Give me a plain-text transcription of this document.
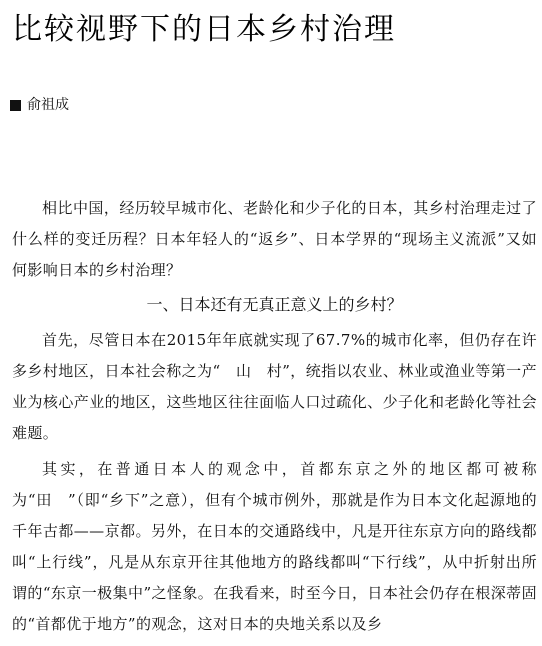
比较视野下的日本乡村治理
俞祖成

相比中国，经历较早城市化、老龄化和少子化的日本，其乡村治理走过了什么样的变迁历程？日本年轻人的“返乡”、日本学界的“现场主义流派”又如何影响日本的乡村治理？

一、日本还有无真正意义上的乡村？

首先，尽管日本在2015年年底就实现了67.7%的城市化率，但仍存在许多乡村地区，日本社会称之为“　山　村”，统指以农业、林业或渔业等第一产业为核心产业的地区，这些地区往往面临人口过疏化、少子化和老龄化等社会难题。

其实，在普通日本人的观念中，首都东京之外的地区都可被称为“田　”（即“乡下”之意），但有个城市例外，那就是作为日本文化起源地的千年古都——京都。另外，在日本的交通路线中，凡是开往东京方向的路线都叫“上行线”，凡是从东京开往其他地方的路线都叫“下行线”，从中折射出所谓的“东京一极集中”之怪象。在我看来，时至今日，日本社会仍存在根深蒂固的“首都优于地方”的观念，这对日本的央地关系以及乡
